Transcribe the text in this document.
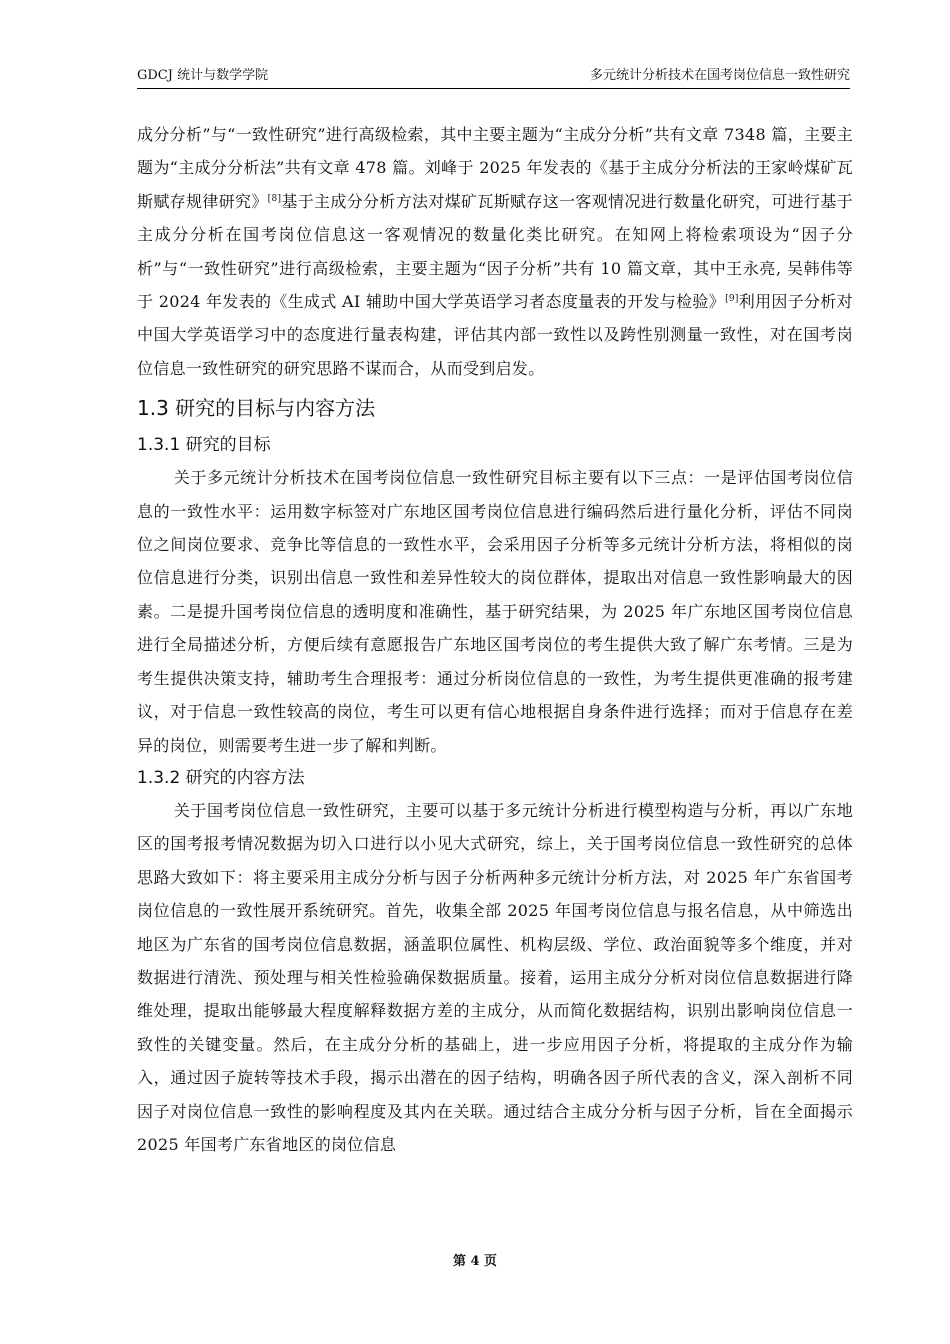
GDCJ 统计与数学学院	多元统计分析技术在国考岗位信息一致性研究

成分分析”与“一致性研究”进行高级检索，其中主要主题为“主成分分析”共有文章 7348 篇，主要主题为“主成分分析法”共有文章 478 篇。刘峰于 2025 年发表的《基于主成分分析法的王家岭煤矿瓦斯赋存规律研究》[8]基于主成分分析方法对煤矿瓦斯赋存这一客观情况进行数量化研究，可进行基于主成分分析在国考岗位信息这一客观情况的数量化类比研究。在知网上将检索项设为“因子分析”与“一致性研究”进行高级检索，主要主题为“因子分析”共有 10 篇文章，其中王永亮, 吴韩伟等于 2024 年发表的《生成式 AI 辅助中国大学英语学习者态度量表的开发与检验》[9]利用因子分析对中国大学英语学习中的态度进行量表构建，评估其内部一致性以及跨性别测量一致性，对在国考岗位信息一致性研究的研究思路不谋而合，从而受到启发。

1.3 研究的目标与内容方法
1.3.1 研究的目标

关于多元统计分析技术在国考岗位信息一致性研究目标主要有以下三点：一是评估国考岗位信息的一致性水平：运用数字标签对广东地区国考岗位信息进行编码然后进行量化分析，评估不同岗位之间岗位要求、竞争比等信息的一致性水平，会采用因子分析等多元统计分析方法，将相似的岗位信息进行分类，识别出信息一致性和差异性较大的岗位群体，提取出对信息一致性影响最大的因素。二是提升国考岗位信息的透明度和准确性，基于研究结果，为 2025 年广东地区国考岗位信息进行全局描述分析，方便后续有意愿报告广东地区国考岗位的考生提供大致了解广东考情。三是为考生提供决策支持，辅助考生合理报考：通过分析岗位信息的一致性，为考生提供更准确的报考建议，对于信息一致性较高的岗位，考生可以更有信心地根据自身条件进行选择；而对于信息存在差异的岗位，则需要考生进一步了解和判断。

1.3.2 研究的内容方法

关于国考岗位信息一致性研究，主要可以基于多元统计分析进行模型构造与分析，再以广东地区的国考报考情况数据为切入口进行以小见大式研究，综上，关于国考岗位信息一致性研究的总体思路大致如下：将主要采用主成分分析与因子分析两种多元统计分析方法，对 2025 年广东省国考岗位信息的一致性展开系统研究。首先，收集全部 2025 年国考岗位信息与报名信息，从中筛选出地区为广东省的国考岗位信息数据，涵盖职位属性、机构层级、学位、政治面貌等多个维度，并对数据进行清洗、预处理与相关性检验确保数据质量。接着，运用主成分分析对岗位信息数据进行降维处理，提取出能够最大程度解释数据方差的主成分，从而简化数据结构，识别出影响岗位信息一致性的关键变量。然后，在主成分分析的基础上，进一步应用因子分析，将提取的主成分作为输入，通过因子旋转等技术手段，揭示出潜在的因子结构，明确各因子所代表的含义，深入剖析不同因子对岗位信息一致性的影响程度及其内在关联。通过结合主成分分析与因子分析，旨在全面揭示 2025 年国考广东省地区的岗位信息

第 4 页
